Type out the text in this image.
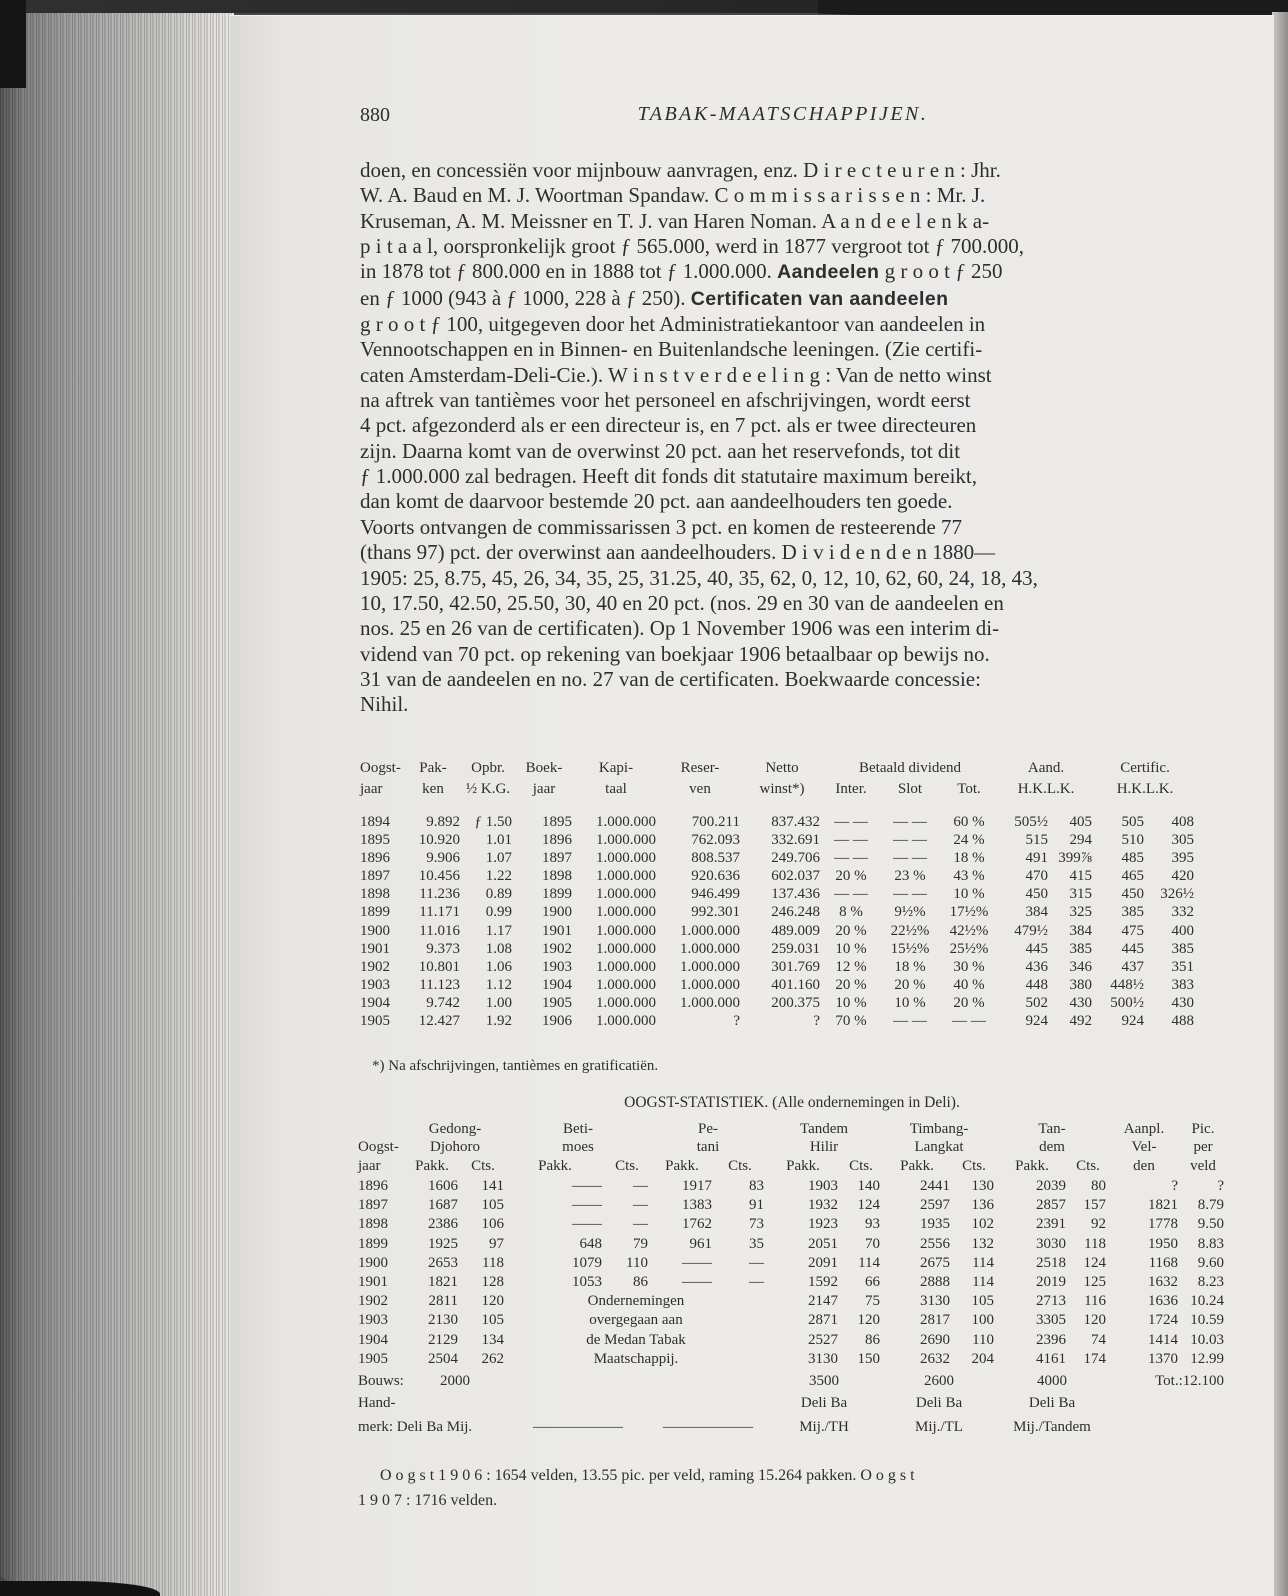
880	TABAK-MAATSCHAPPIJEN.
doen, en concessiën voor mijnbouw aanvragen, enz. D i r e c t e u r e n : Jhr.
W. A. Baud en M. J. Woortman Spandaw. C o m m i s s a r i s s e n : Mr. J.
Kruseman, A. M. Meissner en T. J. van Haren Noman. A a n d e e l e n k a-
p i t a a l, oorspronkelijk groot ƒ 565.000, werd in 1877 vergroot tot ƒ 700.000,
in 1878 tot ƒ 800.000 en in 1888 tot ƒ 1.000.000. Aandeelen g r o o t ƒ 250
en ƒ 1000 (943 à ƒ 1000, 228 à ƒ 250). Certificaten van aandeelen
g r o o t ƒ 100, uitgegeven door het Administratiekantoor van aandeelen in
Vennootschappen en in Binnen- en Buitenlandsche leeningen. (Zie certifi-
caten Amsterdam-Deli-Cie.). W i n s t v e r d e e l i n g : Van de netto winst
na aftrek van tantièmes voor het personeel en afschrijvingen, wordt eerst
4 pct. afgezonderd als er een directeur is, en 7 pct. als er twee directeuren
zijn. Daarna komt van de overwinst 20 pct. aan het reservefonds, tot dit
ƒ 1.000.000 zal bedragen. Heeft dit fonds dit statutaire maximum bereikt,
dan komt de daarvoor bestemde 20 pct. aan aandeelhouders ten goede.
Voorts ontvangen de commissarissen 3 pct. en komen de resteerende 77
(thans 97) pct. der overwinst aan aandeelhouders. D i v i d e n d e n 1880—
1905: 25, 8.75, 45, 26, 34, 35, 25, 31.25, 40, 35, 62, 0, 12, 10, 62, 60, 24, 18, 43,
10, 17.50, 42.50, 25.50, 30, 40 en 20 pct. (nos. 29 en 30 van de aandeelen en
nos. 25 en 26 van de certificaten). Op 1 November 1906 was een interim di-
vidend van 70 pct. op rekening van boekjaar 1906 betaalbaar op bewijs no.
31 van de aandeelen en no. 27 van de certificaten. Boekwaarde concessie:
Nihil.
Oogst-	Pak-	Opbr.	Boek-	Kapi-	Reser-	Netto	Betaald dividend			Aand.		Certific.	
jaar	ken	½ K.G.	jaar	taal	ven	winst*)	Inter.	Slot	Tot.	H.K.L.K.		H.K.L.K.	
1894	9.892	ƒ 1.50	1895	1.000.000	700.211	837.432	— —	— —	60 %	505½	405	505	408
1895	10.920	1.01	1896	1.000.000	762.093	332.691	— —	— —	24 %	515	294	510	305
1896	9.906	1.07	1897	1.000.000	808.537	249.706	— —	— —	18 %	491	399⅞	485	395
1897	10.456	1.22	1898	1.000.000	920.636	602.037	20 %	23 %	43 %	470	415	465	420
1898	11.236	0.89	1899	1.000.000	946.499	137.436	— —	— —	10 %	450	315	450	326½
1899	11.171	0.99	1900	1.000.000	992.301	246.248	8 %	9½%	17½%	384	325	385	332
1900	11.016	1.17	1901	1.000.000	1.000.000	489.009	20 %	22½%	42½%	479½	384	475	400
1901	9.373	1.08	1902	1.000.000	1.000.000	259.031	10 %	15½%	25½%	445	385	445	385
1902	10.801	1.06	1903	1.000.000	1.000.000	301.769	12 %	18 %	30 %	436	346	437	351
1903	11.123	1.12	1904	1.000.000	1.000.000	401.160	20 %	20 %	40 %	448	380	448½	383
1904	9.742	1.00	1905	1.000.000	1.000.000	200.375	10 %	10 %	20 %	502	430	500½	430
1905	12.427	1.92	1906	1.000.000	?	?	70 %	— —	— —	924	492	924	488
*) Na afschrijvingen, tantièmes en gratificatiën.
OOGST-STATISTIEK. (Alle ondernemingen in Deli).
	Gedong-		Beti-		Pe-		Tandem		Timbang-		Tan-		Aanpl.	Pic.
Oogst-	Djohoro		moes		tani		Hilir		Langkat		dem		Vel-	per
jaar	Pakk.	Cts.	Pakk.	Cts.	Pakk.	Cts.	Pakk.	Cts.	Pakk.	Cts.	Pakk.	Cts.	den	veld
1896	1606	141	——	—	1917	83	1903	140	2441	130	2039	80	?	?
1897	1687	105	——	—	1383	91	1932	124	2597	136	2857	157	1821	8.79
1898	2386	106	——	—	1762	73	1923	93	1935	102	2391	92	1778	9.50
1899	1925	97	648	79	961	35	2051	70	2556	132	3030	118	1950	8.83
1900	2653	118	1079	110	——	—	2091	114	2675	114	2518	124	1168	9.60
1901	1821	128	1053	86	——	—	1592	66	2888	114	2019	125	1632	8.23
1902	2811	120	Ondernemingen				2147	75	3130	105	2713	116	1636	10.24
1903	2130	105	overgegaan aan				2871	120	2817	100	3305	120	1724	10.59
1904	2129	134	de Medan Tabak				2527	86	2690	110	2396	74	1414	10.03
1905	2504	262	Maatschappij.				3130	150	2632	204	4161	174	1370	12.99
Bouws:	2000						3500		2600		4000		Tot.:12.100	
Hand-							Deli Ba		Deli Ba		Deli Ba			
merk: Deli Ba Mij.			——————		——————		Mij./TH		Mij./TL		Mij./Tandem			
O o g s t 1 9 0 6 : 1654 velden, 13.55 pic. per veld, raming 15.264 pakken. O o g s t
1 9 0 7 : 1716 velden.
